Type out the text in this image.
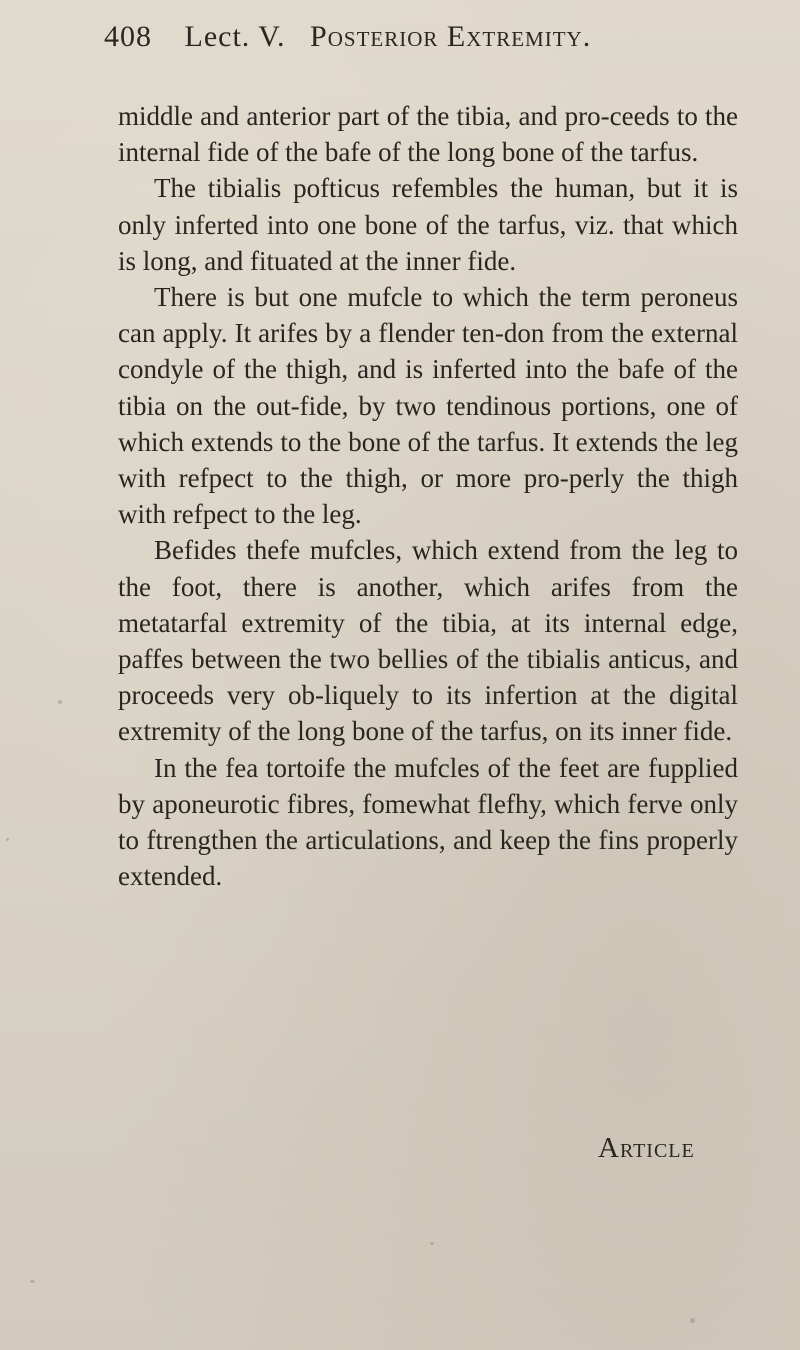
408 Lect. V. Posterior Extremity.

middle and anterior part of the tibia, and pro-ceeds to the internal fide of the bafe of the long bone of the tarfus.

The tibialis pofticus refembles the human, but it is only inferted into one bone of the tarfus, viz. that which is long, and fituated at the inner fide.

There is but one mufcle to which the term peroneus can apply. It arifes by a flender ten-don from the external condyle of the thigh, and is inferted into the bafe of the tibia on the out-fide, by two tendinous portions, one of which extends to the bone of the tarfus. It extends the leg with refpect to the thigh, or more pro-perly the thigh with refpect to the leg.

Befides thefe mufcles, which extend from the leg to the foot, there is another, which arifes from the metatarfal extremity of the tibia, at its internal edge, paffes between the two bellies of the tibialis anticus, and proceeds very ob-liquely to its infertion at the digital extremity of the long bone of the tarfus, on its inner fide.

In the fea tortoife the mufcles of the feet are fupplied by aponeurotic fibres, fomewhat flefhy, which ferve only to ftrengthen the articulations, and keep the fins properly extended.

Article
